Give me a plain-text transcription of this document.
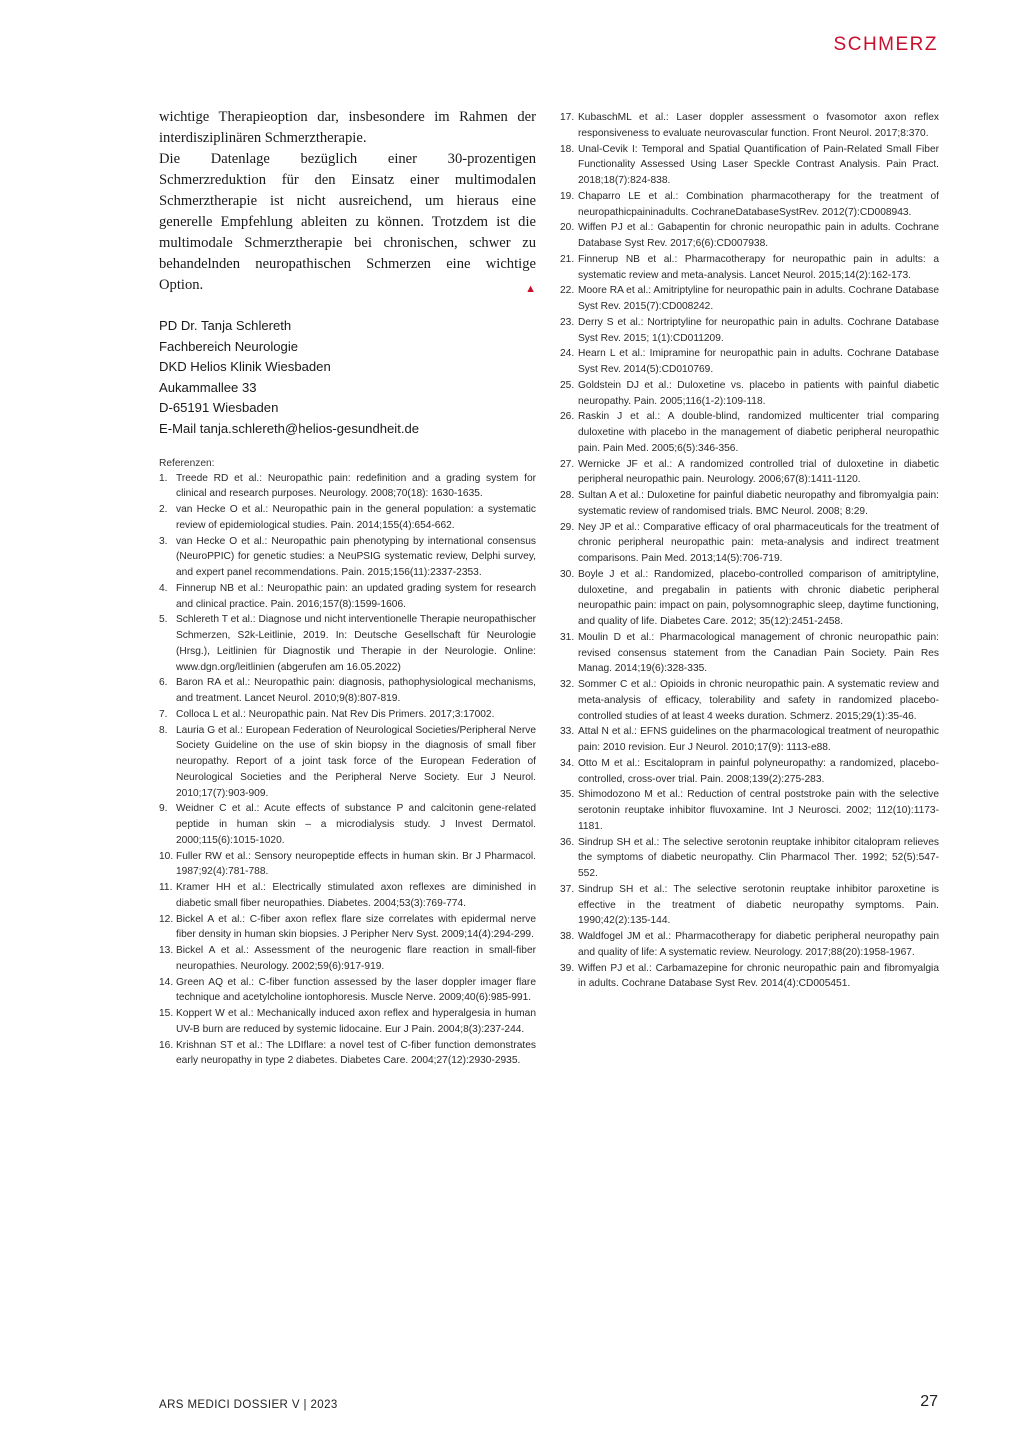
SCHMERZ

wichtige Therapieoption dar, insbesondere im Rahmen der interdisziplinären Schmerztherapie.

Die Datenlage bezüglich einer 30-prozentigen Schmerzreduktion für den Einsatz einer multimodalen Schmerztherapie ist nicht ausreichend, um hieraus eine generelle Empfehlung ableiten zu können. Trotzdem ist die multimodale Schmerztherapie bei chronischen, schwer zu behandelnden neuropathischen Schmerzen eine wichtige Option.	▲

PD Dr. Tanja Schlereth
Fachbereich Neurologie
DKD Helios Klinik Wiesbaden
Aukammallee 33
D-65191 Wiesbaden
E-Mail tanja.schlereth@helios-gesundheit.de
Referenzen:
1. Treede RD et al.: Neuropathic pain: redefinition and a grading system for clinical and research purposes. Neurology. 2008;70(18): 1630-1635.
2. van Hecke O et al.: Neuropathic pain in the general population: a systematic review of epidemiological studies. Pain. 2014;155(4):654-662.
3. van Hecke O et al.: Neuropathic pain phenotyping by international consensus (NeuroPPIC) for genetic studies: a NeuPSIG systematic review, Delphi survey, and expert panel recommendations. Pain. 2015;156(11):2337-2353.
4. Finnerup NB et al.: Neuropathic pain: an updated grading system for research and clinical practice. Pain. 2016;157(8):1599-1606.
5. Schlereth T et al.: Diagnose und nicht interventionelle Therapie neuropathischer Schmerzen, S2k-Leitlinie, 2019. In: Deutsche Gesellschaft für Neurologie (Hrsg.), Leitlinien für Diagnostik und Therapie in der Neurologie. Online: www.dgn.org/leitlinien (abgerufen am 16.05.2022)
6. Baron RA et al.: Neuropathic pain: diagnosis, pathophysiological mechanisms, and treatment. Lancet Neurol. 2010;9(8):807-819.
7. Colloca L et al.: Neuropathic pain. Nat Rev Dis Primers. 2017;3:17002.
8. Lauria G et al.: European Federation of Neurological Societies/Peripheral Nerve Society Guideline on the use of skin biopsy in the diagnosis of small fiber neuropathy. Report of a joint task force of the European Federation of Neurological Societies and the Peripheral Nerve Society. Eur J Neurol. 2010;17(7):903-909.
9. Weidner C et al.: Acute effects of substance P and calcitonin gene-related peptide in human skin – a microdialysis study. J Invest Dermatol. 2000;115(6):1015-1020.
10. Fuller RW et al.: Sensory neuropeptide effects in human skin. Br J Pharmacol. 1987;92(4):781-788.
11. Kramer HH et al.: Electrically stimulated axon reflexes are diminished in diabetic small fiber neuropathies. Diabetes. 2004;53(3):769-774.
12. Bickel A et al.: C-fiber axon reflex flare size correlates with epidermal nerve fiber density in human skin biopsies. J Peripher Nerv Syst. 2009;14(4):294-299.
13. Bickel A et al.: Assessment of the neurogenic flare reaction in small-fiber neuropathies. Neurology. 2002;59(6):917-919.
14. Green AQ et al.: C-fiber function assessed by the laser doppler imager flare technique and acetylcholine iontophoresis. Muscle Nerve. 2009;40(6):985-991.
15. Koppert W et al.: Mechanically induced axon reflex and hyperalgesia in human UV-B burn are reduced by systemic lidocaine. Eur J Pain. 2004;8(3):237-244.
16. Krishnan ST et al.: The LDIflare: a novel test of C-fiber function demonstrates early neuropathy in type 2 diabetes. Diabetes Care. 2004;27(12):2930-2935.
17. KubaschML et al.: Laser doppler assessment o fvasomotor axon reflex responsiveness to evaluate neurovascular function. Front Neurol. 2017;8:370.
18. Unal-Cevik I: Temporal and Spatial Quantification of Pain-Related Small Fiber Functionality Assessed Using Laser Speckle Contrast Analysis. Pain Pract. 2018;18(7):824-838.
19. Chaparro LE et al.: Combination pharmacotherapy for the treatment of neuropathicpaininadults. CochraneDatabaseSystRev. 2012(7):CD008943.
20. Wiffen PJ et al.: Gabapentin for chronic neuropathic pain in adults. Cochrane Database Syst Rev. 2017;6(6):CD007938.
21. Finnerup NB et al.: Pharmacotherapy for neuropathic pain in adults: a systematic review and meta-analysis. Lancet Neurol. 2015;14(2):162-173.
22. Moore RA et al.: Amitriptyline for neuropathic pain in adults. Cochrane Database Syst Rev. 2015(7):CD008242.
23. Derry S et al.: Nortriptyline for neuropathic pain in adults. Cochrane Database Syst Rev. 2015; 1(1):CD011209.
24. Hearn L et al.: Imipramine for neuropathic pain in adults. Cochrane Database Syst Rev. 2014(5):CD010769.
25. Goldstein DJ et al.: Duloxetine vs. placebo in patients with painful diabetic neuropathy. Pain. 2005;116(1-2):109-118.
26. Raskin J et al.: A double-blind, randomized multicenter trial comparing duloxetine with placebo in the management of diabetic peripheral neuropathic pain. Pain Med. 2005;6(5):346-356.
27. Wernicke JF et al.: A randomized controlled trial of duloxetine in diabetic peripheral neuropathic pain. Neurology. 2006;67(8):1411-1120.
28. Sultan A et al.: Duloxetine for painful diabetic neuropathy and fibromyalgia pain: systematic review of randomised trials. BMC Neurol. 2008; 8:29.
29. Ney JP et al.: Comparative efficacy of oral pharmaceuticals for the treatment of chronic peripheral neuropathic pain: meta-analysis and indirect treatment comparisons. Pain Med. 2013;14(5):706-719.
30. Boyle J et al.: Randomized, placebo-controlled comparison of amitriptyline, duloxetine, and pregabalin in patients with chronic diabetic peripheral neuropathic pain: impact on pain, polysomnographic sleep, daytime functioning, and quality of life. Diabetes Care. 2012; 35(12):2451-2458.
31. Moulin D et al.: Pharmacological management of chronic neuropathic pain: revised consensus statement from the Canadian Pain Society. Pain Res Manag. 2014;19(6):328-335.
32. Sommer C et al.: Opioids in chronic neuropathic pain. A systematic review and meta-analysis of efficacy, tolerability and safety in randomized placebo-controlled studies of at least 4 weeks duration. Schmerz. 2015;29(1):35-46.
33. Attal N et al.: EFNS guidelines on the pharmacological treatment of neuropathic pain: 2010 revision. Eur J Neurol. 2010;17(9): 1113-e88.
34. Otto M et al.: Escitalopram in painful polyneuropathy: a randomized, placebo-controlled, cross-over trial. Pain. 2008;139(2):275-283.
35. Shimodozono M et al.: Reduction of central poststroke pain with the selective serotonin reuptake inhibitor fluvoxamine. Int J Neurosci. 2002; 112(10):1173-1181.
36. Sindrup SH et al.: The selective serotonin reuptake inhibitor citalopram relieves the symptoms of diabetic neuropathy. Clin Pharmacol Ther. 1992; 52(5):547-552.
37. Sindrup SH et al.: The selective serotonin reuptake inhibitor paroxetine is effective in the treatment of diabetic neuropathy symptoms. Pain. 1990;42(2):135-144.
38. Waldfogel JM et al.: Pharmacotherapy for diabetic peripheral neuropathy pain and quality of life: A systematic review. Neurology. 2017;88(20):1958-1967.
39. Wiffen PJ et al.: Carbamazepine for chronic neuropathic pain and fibromyalgia in adults. Cochrane Database Syst Rev. 2014(4):CD005451.
ARS MEDICI DOSSIER V | 2023	27
